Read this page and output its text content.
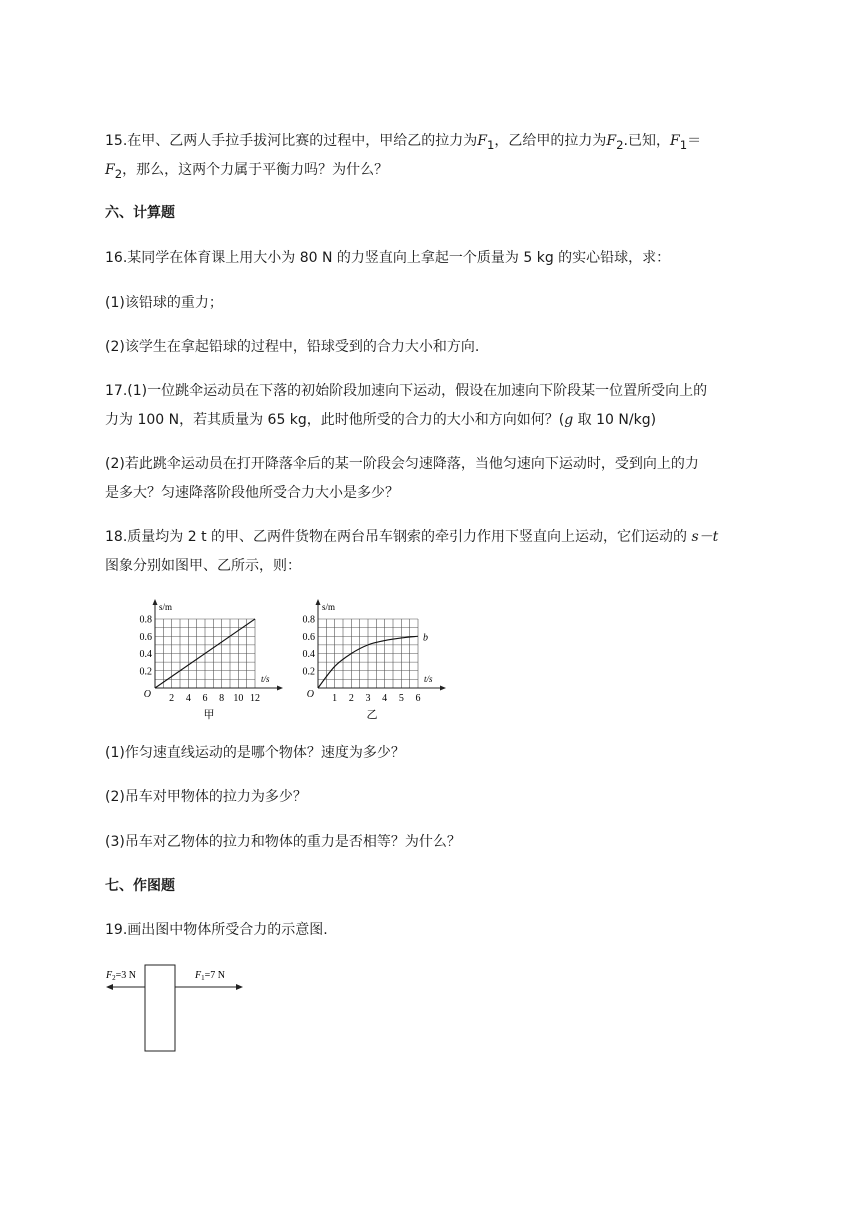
15.在甲、乙两人手拉手拔河比赛的过程中，甲给乙的拉力为$F_1$，乙给甲的拉力为$F_2$.已知，$F_1=$
$F_2$，那么，这两个力属于平衡力吗？为什么？
六、计算题
16.某同学在体育课上用大小为 80 N 的力竖直向上拿起一个质量为 5 kg 的实心铅球，求：
(1)该铅球的重力；
(2)该学生在拿起铅球的过程中，铅球受到的合力大小和方向.
17.(1)一位跳伞运动员在下落的初始阶段加速向下运动，假设在加速向下阶段某一位置所受向上的
力为 100 N，若其质量为 65 kg，此时他所受的合力的大小和方向如何？(g 取 10 N/kg)
(2)若此跳伞运动员在打开降落伞后的某一阶段会匀速降落，当他匀速向下运动时，受到向上的力
是多大？匀速降落阶段他所受合力大小是多少？
18.质量均为 2 t 的甲、乙两件货物在两台吊车钢索的牵引力作用下竖直向上运动，它们运动的 s－t
图象分别如图甲、乙所示，则：
2 4 6 8 10 12
0.2
0.4
0.6
0.8
O
s/m
t/s
甲
1 2 3 4 5 6
0.2
0.4
0.6
0.8
O
s/m
t/s
b
乙
(1)作匀速直线运动的是哪个物体？速度为多少？
(2)吊车对甲物体的拉力为多少？
(3)吊车对乙物体的拉力和物体的重力是否相等？为什么？
七、作图题
19.画出图中物体所受合力的示意图.
$F_2=3$ N	$F_1=7$ N
